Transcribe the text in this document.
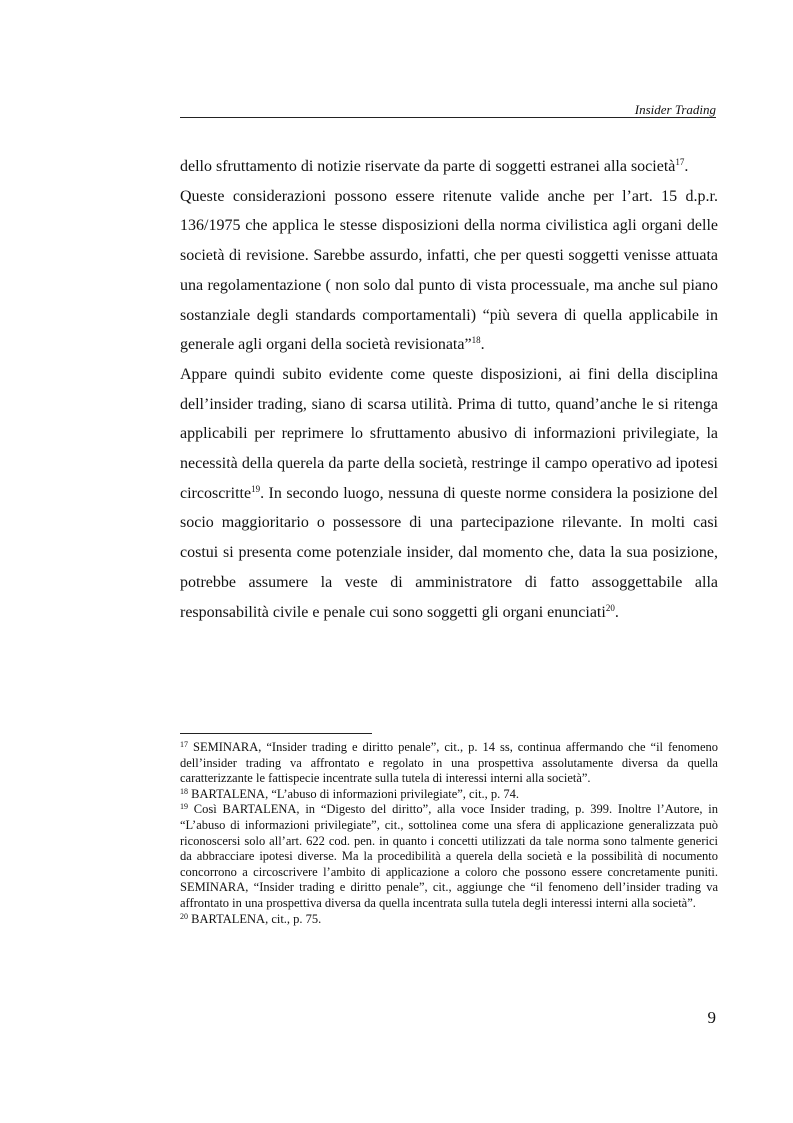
Insider Trading

dello sfruttamento di notizie riservate da parte di soggetti estranei alla società$^{17}$.

Queste considerazioni possono essere ritenute valide anche per l’art. 15 d.p.r. 136/1975 che applica le stesse disposizioni della norma civilistica agli organi delle società di revisione. Sarebbe assurdo, infatti, che per questi soggetti venisse attuata una regolamentazione ( non solo dal punto di vista processuale, ma anche sul piano sostanziale degli standards comportamentali) “più severa di quella applicabile in generale agli organi della società revisionata”$^{18}$.

Appare quindi subito evidente come queste disposizioni, ai fini della disciplina dell’insider trading, siano di scarsa utilità. Prima di tutto, quand’anche le si ritenga applicabili per reprimere lo sfruttamento abusivo di informazioni privilegiate, la necessità della querela da parte della società, restringe il campo operativo ad ipotesi circoscritte$^{19}$. In secondo luogo, nessuna di queste norme considera la posizione del socio maggioritario o possessore di una partecipazione rilevante. In molti casi costui si presenta come potenziale insider, dal momento che, data la sua posizione, potrebbe assumere la veste di amministratore di fatto assoggettabile alla responsabilità civile e penale cui sono soggetti gli organi enunciati$^{20}$.

$^{17}$ SEMINARA, “Insider trading e diritto penale”, cit., p. 14 ss, continua affermando che “il fenomeno dell’insider trading va affrontato e regolato in una prospettiva assolutamente diversa da quella caratterizzante le fattispecie incentrate sulla tutela di interessi interni alla società”.

$^{18}$ BARTALENA, “L’abuso di informazioni privilegiate”, cit., p. 74.

$^{19}$ Così BARTALENA, in “Digesto del diritto”, alla voce Insider trading, p. 399. Inoltre l’Autore, in “L’abuso di informazioni privilegiate”, cit., sottolinea come una sfera di applicazione generalizzata può riconoscersi solo all’art. 622 cod. pen. in quanto i concetti utilizzati da tale norma sono talmente generici da abbracciare ipotesi diverse. Ma la procedibilità a querela della società e la possibilità di nocumento concorrono a circoscrivere l’ambito di applicazione a coloro che possono essere concretamente puniti. SEMINARA, “Insider trading e diritto penale”, cit., aggiunge che “il fenomeno dell’insider trading va affrontato in una prospettiva diversa da quella incentrata sulla tutela degli interessi interni alla società”.

$^{20}$ BARTALENA, cit., p. 75.

9
